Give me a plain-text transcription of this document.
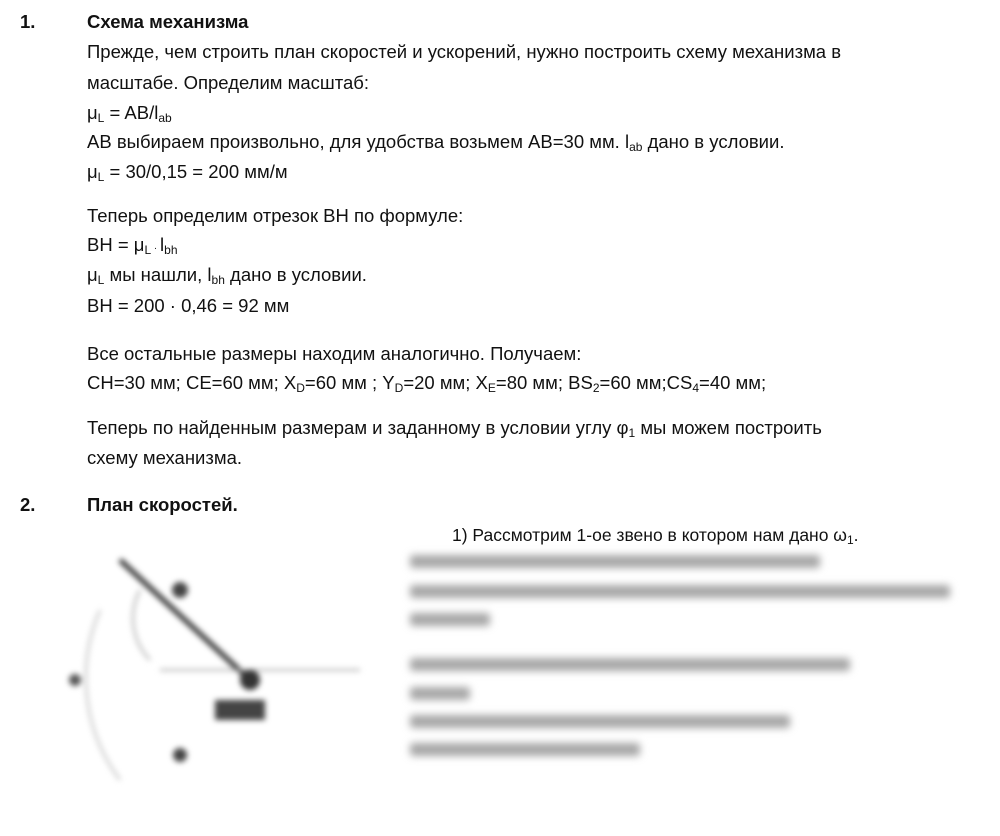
1.	Схема механизма
Прежде, чем строить план скоростей и ускорений, нужно построить схему механизма в
масштабе. Определим масштаб:
$\mu_L = AB/l_{ab}$
AB выбираем произвольно, для удобства возьмем AB=30 мм. $l_{ab}$ дано в условии.
$\mu_L = 30/0,15 = 200$ мм/м
Теперь определим отрезок BH по формуле:
BH = $\mu_L \cdot l_{bh}$
$\mu_L$ мы нашли, $l_{bh}$ дано в условии.
BH = 200 · 0,46 = 92 мм
Все остальные размеры находим аналогично. Получаем:
CH=30 мм; CE=60 мм; $X_D=60$ мм ; $Y_D=20$ мм; $X_E=80$ мм; $BS_2=60$ $мм;CS_4=40$ мм;
Теперь по найденным размерам и заданному в условии углу $\varphi_1$ мы можем построить
схему механизма.
2.	План скоростей.
1) Рассмотрим 1-ое звено в котором нам дано $\omega_1$.
